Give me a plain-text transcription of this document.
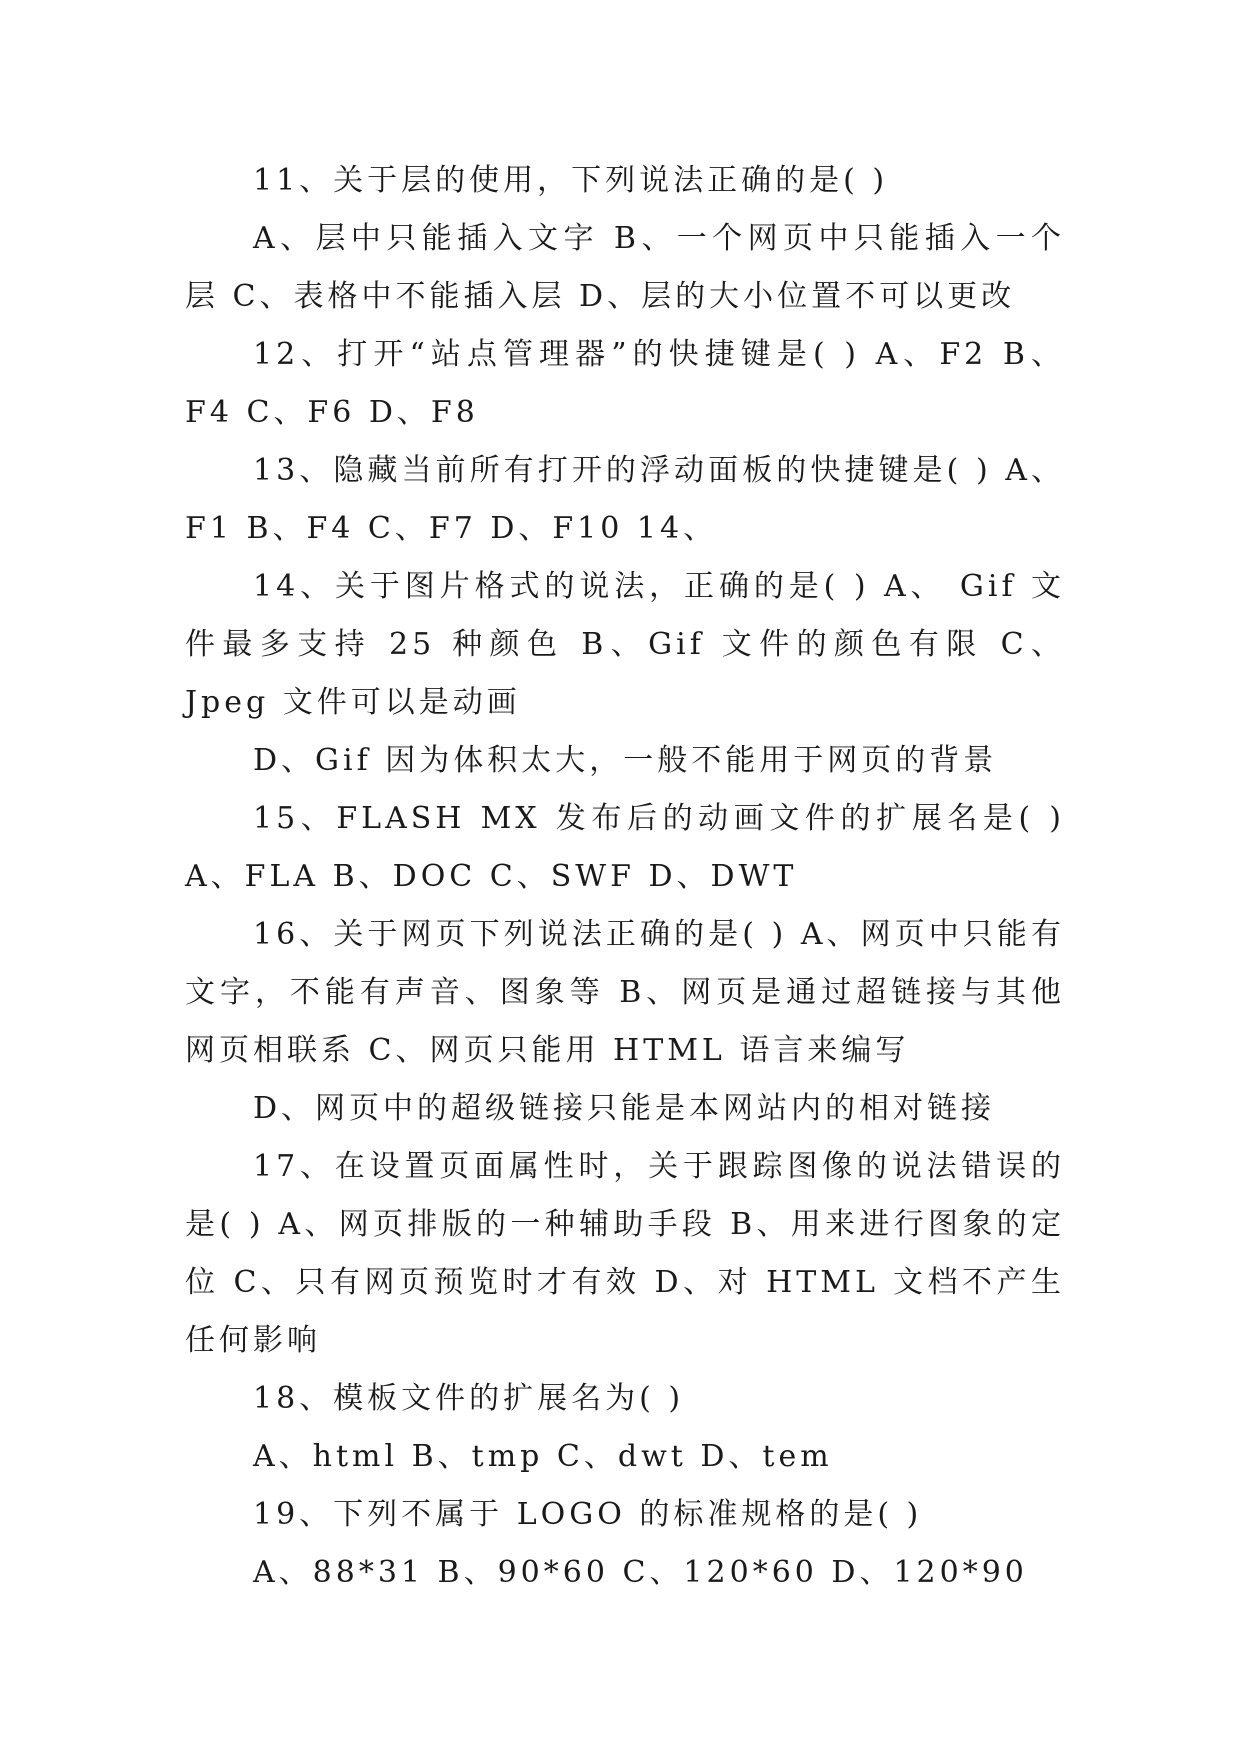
11、关于层的使用，下列说法正确的是( )

A、层中只能插入文字 B、一个网页中只能插入一个层 C、表格中不能插入层 D、层的大小位置不可以更改

12、打开“站点管理器”的快捷键是( ) A、F2 B、F4 C、F6 D、F8

13、隐藏当前所有打开的浮动面板的快捷键是( ) A、F1 B、F4 C、F7 D、F10 14、

14、关于图片格式的说法，正确的是( ) A、 Gif 文件最多支持 25 种颜色 B、Gif 文件的颜色有限 C、Jpeg 文件可以是动画

D、Gif 因为体积太大，一般不能用于网页的背景

15、FLASH MX 发布后的动画文件的扩展名是( ) A、FLA B、DOC C、SWF D、DWT

16、关于网页下列说法正确的是( ) A、网页中只能有文字，不能有声音、图象等 B、网页是通过超链接与其他网页相联系 C、网页只能用 HTML 语言来编写

D、网页中的超级链接只能是本网站内的相对链接

17、在设置页面属性时，关于跟踪图像的说法错误的是( ) A、网页排版的一种辅助手段 B、用来进行图象的定位 C、只有网页预览时才有效 D、对 HTML 文档不产生任何影响

18、模板文件的扩展名为( )

A、html B、tmp C、dwt D、tem

19、下列不属于 LOGO 的标准规格的是( )

A、88*31 B、90*60 C、120*60 D、120*90
